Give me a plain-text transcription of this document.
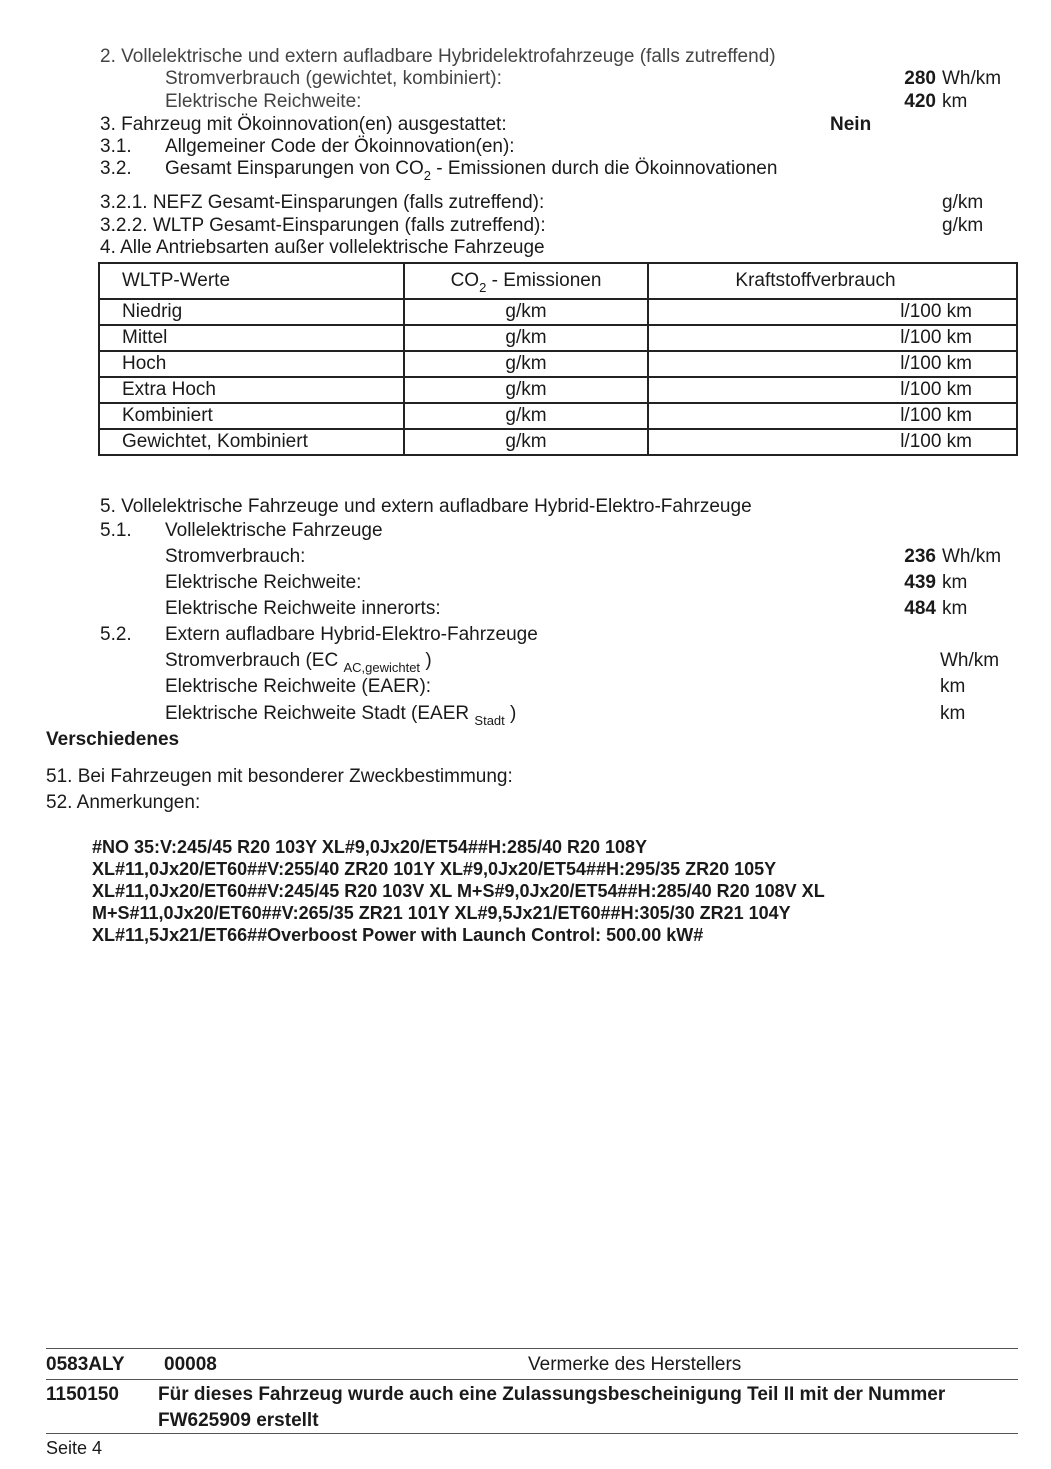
2. Vollelektrische und extern aufladbare Hybridelektrofahrzeuge (falls zutreffend)
Stromverbrauch (gewichtet, kombiniert):	280 Wh/km
Elektrische Reichweite:	420 km
3. Fahrzeug mit Ökoinnovation(en) ausgestattet:	Nein
3.1. Allgemeiner Code der Ökoinnovation(en):
3.2. Gesamt Einsparungen von $CO_2$ - Emissionen durch die Ökoinnovationen
3.2.1. NEFZ Gesamt-Einsparungen (falls zutreffend):	g/km
3.2.2. WLTP Gesamt-Einsparungen (falls zutreffend):	g/km
4. Alle Antriebsarten außer vollelektrische Fahrzeuge
WLTP-Werte	$CO_2$ - Emissionen	Kraftstoffverbrauch
Niedrig	g/km	l/100 km
Mittel	g/km	l/100 km
Hoch	g/km	l/100 km
Extra Hoch	g/km	l/100 km
Kombiniert	g/km	l/100 km
Gewichtet, Kombiniert	g/km	l/100 km
5. Vollelektrische Fahrzeuge und extern aufladbare Hybrid-Elektro-Fahrzeuge
5.1. Vollelektrische Fahrzeuge
Stromverbrauch:	236 Wh/km
Elektrische Reichweite:	439 km
Elektrische Reichweite innerorts:	484 km
5.2. Extern aufladbare Hybrid-Elektro-Fahrzeuge
Stromverbrauch (EC $_{AC,gewichtet}$ )	Wh/km
Elektrische Reichweite (EAER):	km
Elektrische Reichweite Stadt (EAER $_{Stadt}$ )	km
Verschiedenes
51. Bei Fahrzeugen mit besonderer Zweckbestimmung:
52. Anmerkungen:
#NO 35:V:245/45 R20 103Y XL#9,0Jx20/ET54##H:285/40 R20 108Y
XL#11,0Jx20/ET60##V:255/40 ZR20 101Y XL#9,0Jx20/ET54##H:295/35 ZR20 105Y
XL#11,0Jx20/ET60##V:245/45 R20 103V XL M+S#9,0Jx20/ET54##H:285/40 R20 108V XL
M+S#11,0Jx20/ET60##V:265/35 ZR21 101Y XL#9,5Jx21/ET60##H:305/30 ZR21 104Y
XL#11,5Jx21/ET66##Overboost Power with Launch Control: 500.00 kW#
0583ALY 00008	Vermerke des Herstellers
1150150 Für dieses Fahrzeug wurde auch eine Zulassungsbescheinigung Teil II mit der Nummer
FW625909 erstellt
Seite 4
